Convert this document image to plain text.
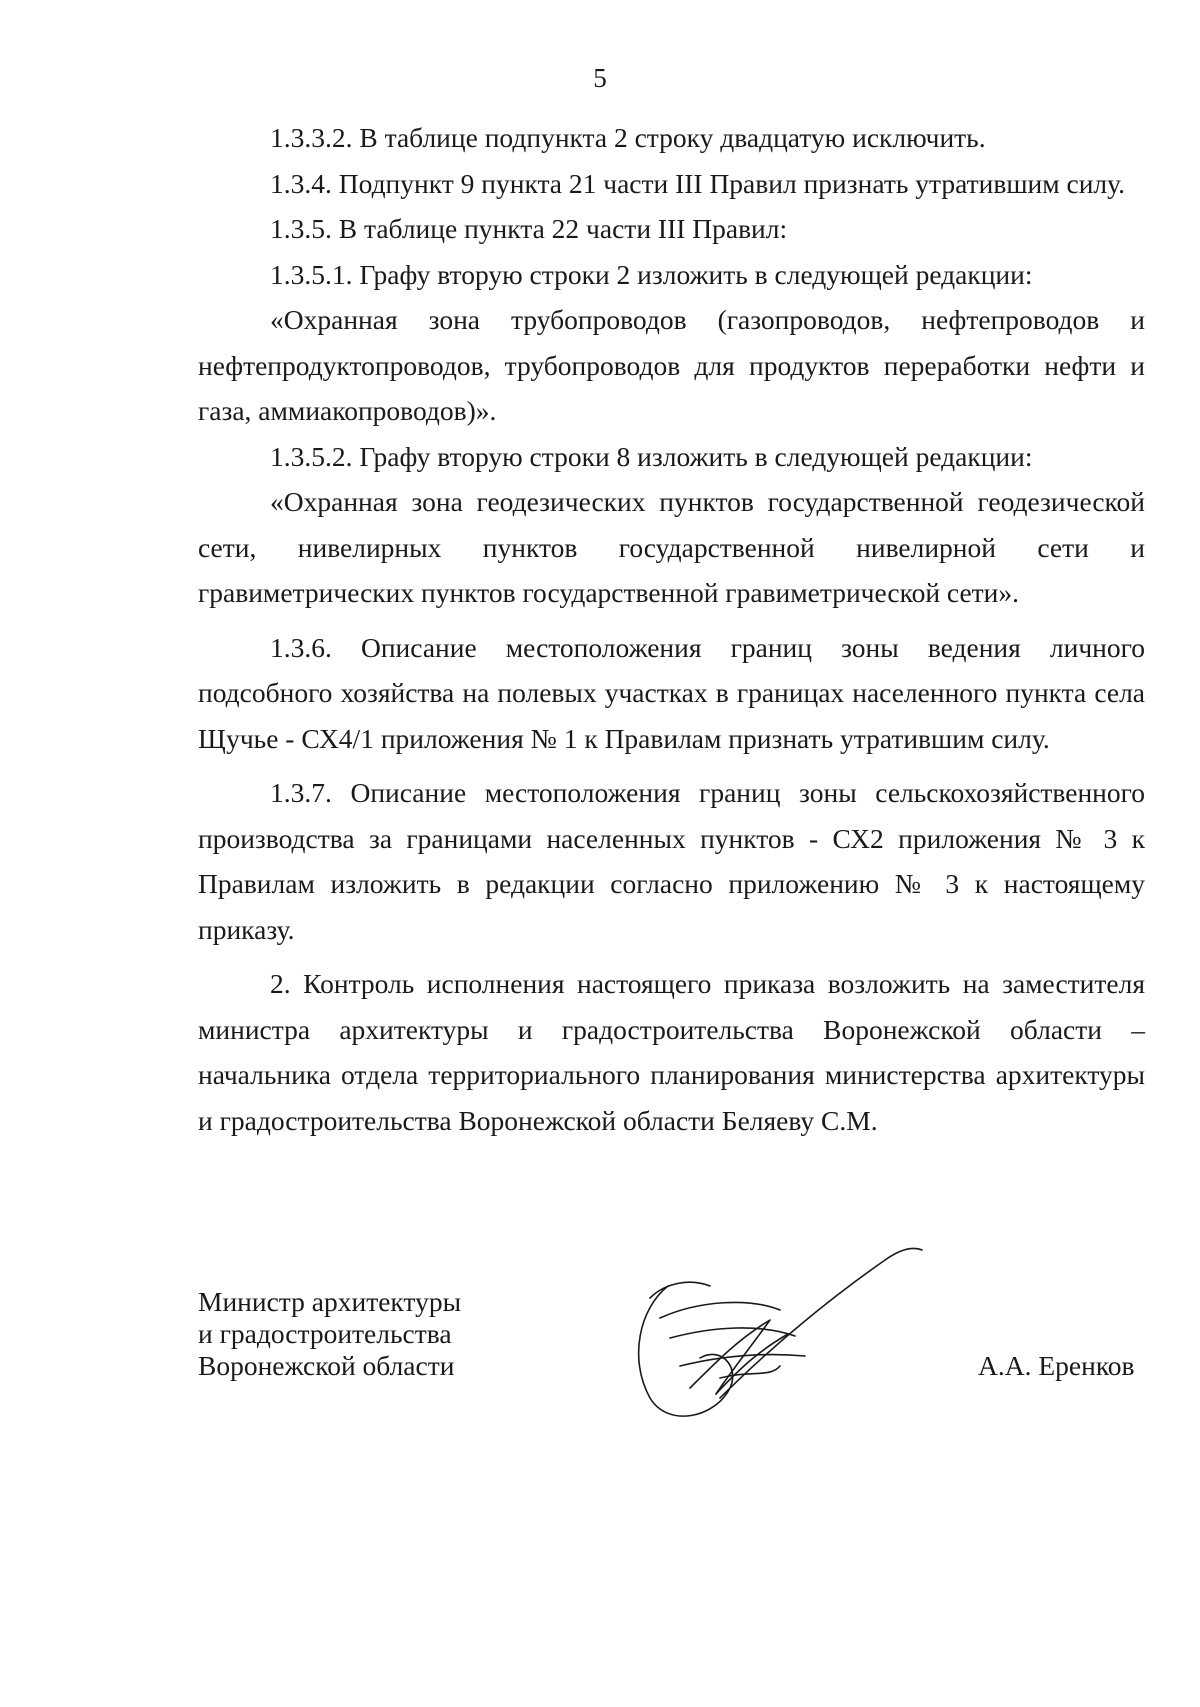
5

1.3.3.2. В таблице подпункта 2 строку двадцатую исключить.

1.3.4. Подпункт 9 пункта 21 части III Правил признать утратившим силу.

1.3.5. В таблице пункта 22 части III Правил:

1.3.5.1. Графу вторую строки 2 изложить в следующей редакции:

«Охранная зона трубопроводов (газопроводов, нефтепроводов и нефтепродуктопроводов, трубопроводов для продуктов переработки нефти и газа, аммиакопроводов)».

1.3.5.2. Графу вторую строки 8 изложить в следующей редакции:

«Охранная зона геодезических пунктов государственной геодезической сети, нивелирных пунктов государственной нивелирной сети и гравиметрических пунктов государственной гравиметрической сети».

1.3.6. Описание местоположения границ зоны ведения личного подсобного хозяйства на полевых участках в границах населенного пункта села Щучье - СХ4/1 приложения № 1 к Правилам признать утратившим силу.

1.3.7. Описание местоположения границ зоны сельскохозяйственного производства за границами населенных пунктов - СХ2 приложения № 3 к Правилам изложить в редакции согласно приложению № 3 к настоящему приказу.

2. Контроль исполнения настоящего приказа возложить на заместителя министра архитектуры и градостроительства Воронежской области – начальника отдела территориального планирования министерства архитектуры и градостроительства Воронежской области Беляеву С.М.

Министр архитектуры
и градостроительства
Воронежской области	А.А. Еренков
